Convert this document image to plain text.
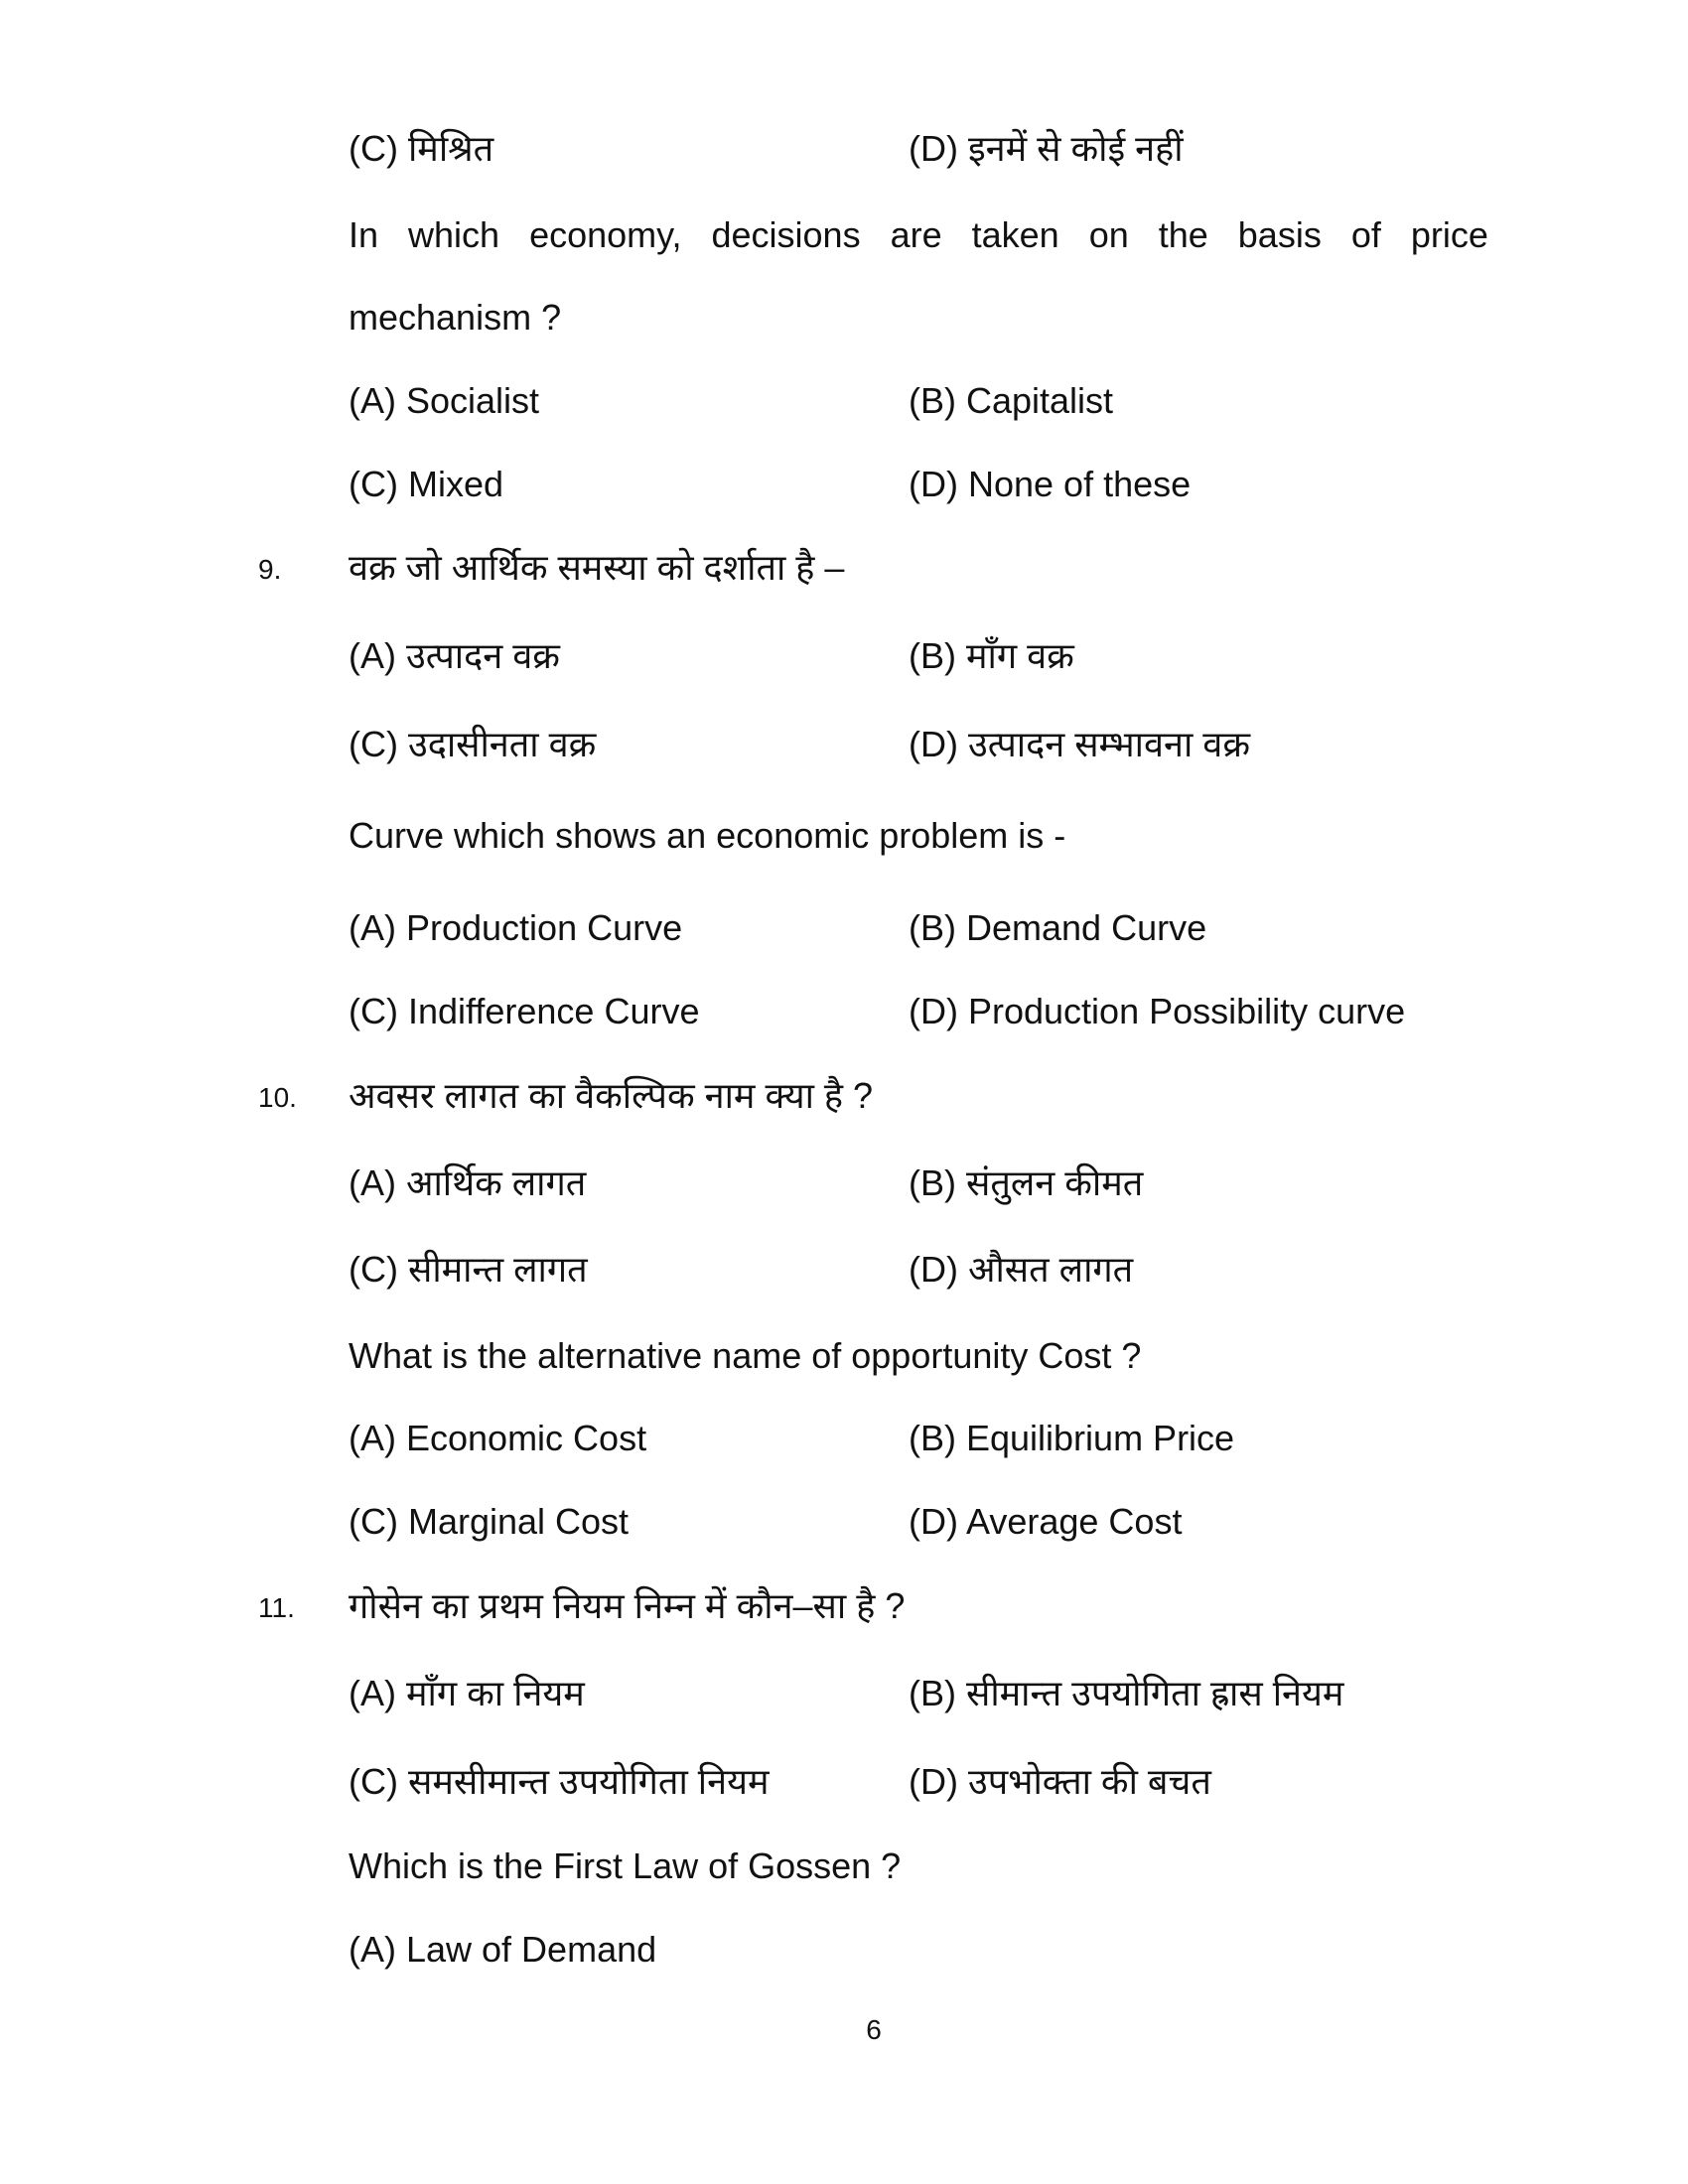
(C) मिश्रित	(D) इनमें से कोई नहीं
In which economy, decisions are taken on the basis of price
mechanism ?
(A) Socialist	(B) Capitalist
(C) Mixed	(D) None of these
9. वक्र जो आर्थिक समस्या को दर्शाता है –
(A) उत्पादन वक्र	(B) माँग वक्र
(C) उदासीनता वक्र	(D) उत्पादन सम्भावना वक्र
Curve which shows an economic problem is -
(A) Production Curve	(B) Demand Curve
(C) Indifference Curve	(D) Production Possibility curve
10. अवसर लागत का वैकल्पिक नाम क्या है ?
(A) आर्थिक लागत	(B) संतुलन कीमत
(C) सीमान्त लागत	(D) औसत लागत
What is the alternative name of opportunity Cost ?
(A) Economic Cost	(B) Equilibrium Price
(C) Marginal Cost	(D) Average Cost
11. गोसेन का प्रथम नियम निम्न में कौन–सा है ?
(A) माँग का नियम	(B) सीमान्त उपयोगिता ह्रास नियम
(C) समसीमान्त उपयोगिता नियम	(D) उपभोक्ता की बचत
Which is the First Law of Gossen ?
(A) Law of Demand
6
